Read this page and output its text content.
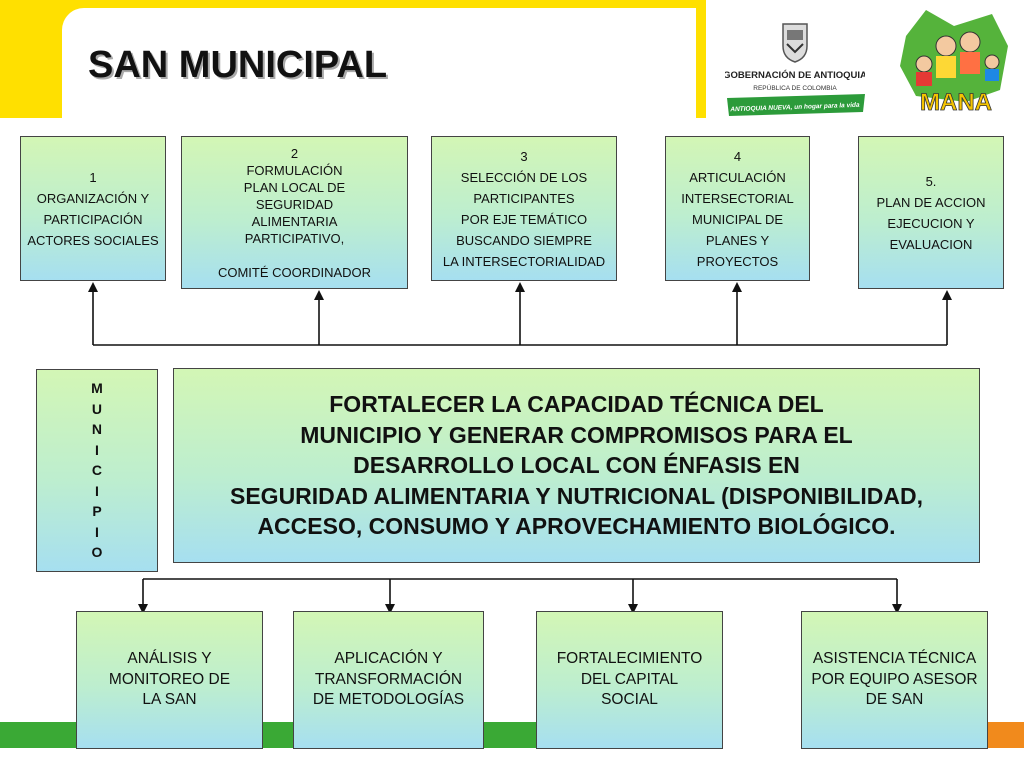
SAN MUNICIPAL	GOBERNACIÓN DE ANTIOQUIA
REPÚBLICA DE COLOMBIA
ANTIOQUIA NUEVA, un hogar para la vida	MANA
1
ORGANIZACIÓN Y
PARTICIPACIÓN
ACTORES SOCIALES
2
FORMULACIÓN
PLAN LOCAL DE
SEGURIDAD
ALIMENTARIA
PARTICIPATIVO,

COMITÉ COORDINADOR
3
SELECCIÓN DE LOS
PARTICIPANTES
POR EJE TEMÁTICO
BUSCANDO SIEMPRE
LA INTERSECTORIALIDAD
4
ARTICULACIÓN
INTERSECTORIAL
MUNICIPAL DE
PLANES Y
PROYECTOS
5.
PLAN DE ACCION
EJECUCION Y
EVALUACION
M
U
N
I
C
I
P
I
O
FORTALECER LA CAPACIDAD TÉCNICA DEL
MUNICIPIO Y GENERAR COMPROMISOS PARA EL
DESARROLLO LOCAL CON ÉNFASIS EN
SEGURIDAD ALIMENTARIA Y NUTRICIONAL (DISPONIBILIDAD,
ACCESO, CONSUMO Y APROVECHAMIENTO BIOLÓGICO.
ANÁLISIS Y
MONITOREO DE
LA SAN
APLICACIÓN Y
TRANSFORMACIÓN
DE METODOLOGÍAS
FORTALECIMIENTO
DEL CAPITAL
SOCIAL
ASISTENCIA TÉCNICA
POR EQUIPO ASESOR
DE SAN
